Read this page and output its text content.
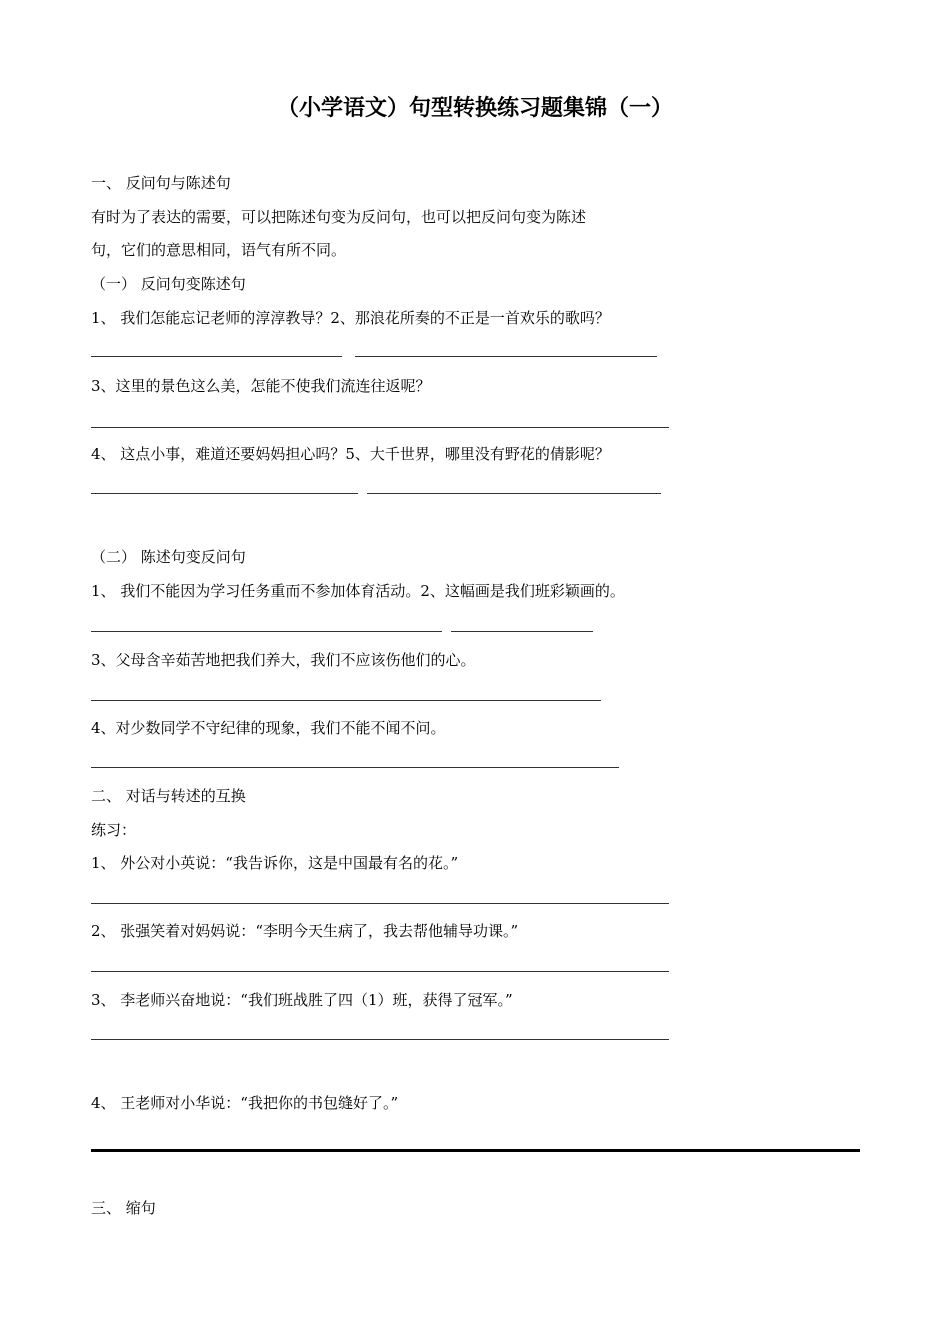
（小学语文）句型转换练习题集锦（一）
一、 反问句与陈述句
有时为了表达的需要，可以把陈述句变为反问句，也可以把反问句变为陈述
句，它们的意思相同，语气有所不同。
（一） 反问句变陈述句
1、 我们怎能忘记老师的淳淳教导？2、那浪花所奏的不正是一首欢乐的歌吗？
3、这里的景色这么美，怎能不使我们流连往返呢？
4、 这点小事，难道还要妈妈担心吗？5、大千世界，哪里没有野花的倩影呢？
（二） 陈述句变反问句
1、 我们不能因为学习任务重而不参加体育活动。2、这幅画是我们班彩颖画的。
3、父母含辛茹苦地把我们养大，我们不应该伤他们的心。
4、对少数同学不守纪律的现象，我们不能不闻不问。
二、 对话与转述的互换
练习：
1、 外公对小英说：“我告诉你，这是中国最有名的花。”
2、 张强笑着对妈妈说：“李明今天生病了，我去帮他辅导功课。”
3、 李老师兴奋地说：“我们班战胜了四（1）班，获得了冠军。”
4、 王老师对小华说：“我把你的书包缝好了。”
三、 缩句
